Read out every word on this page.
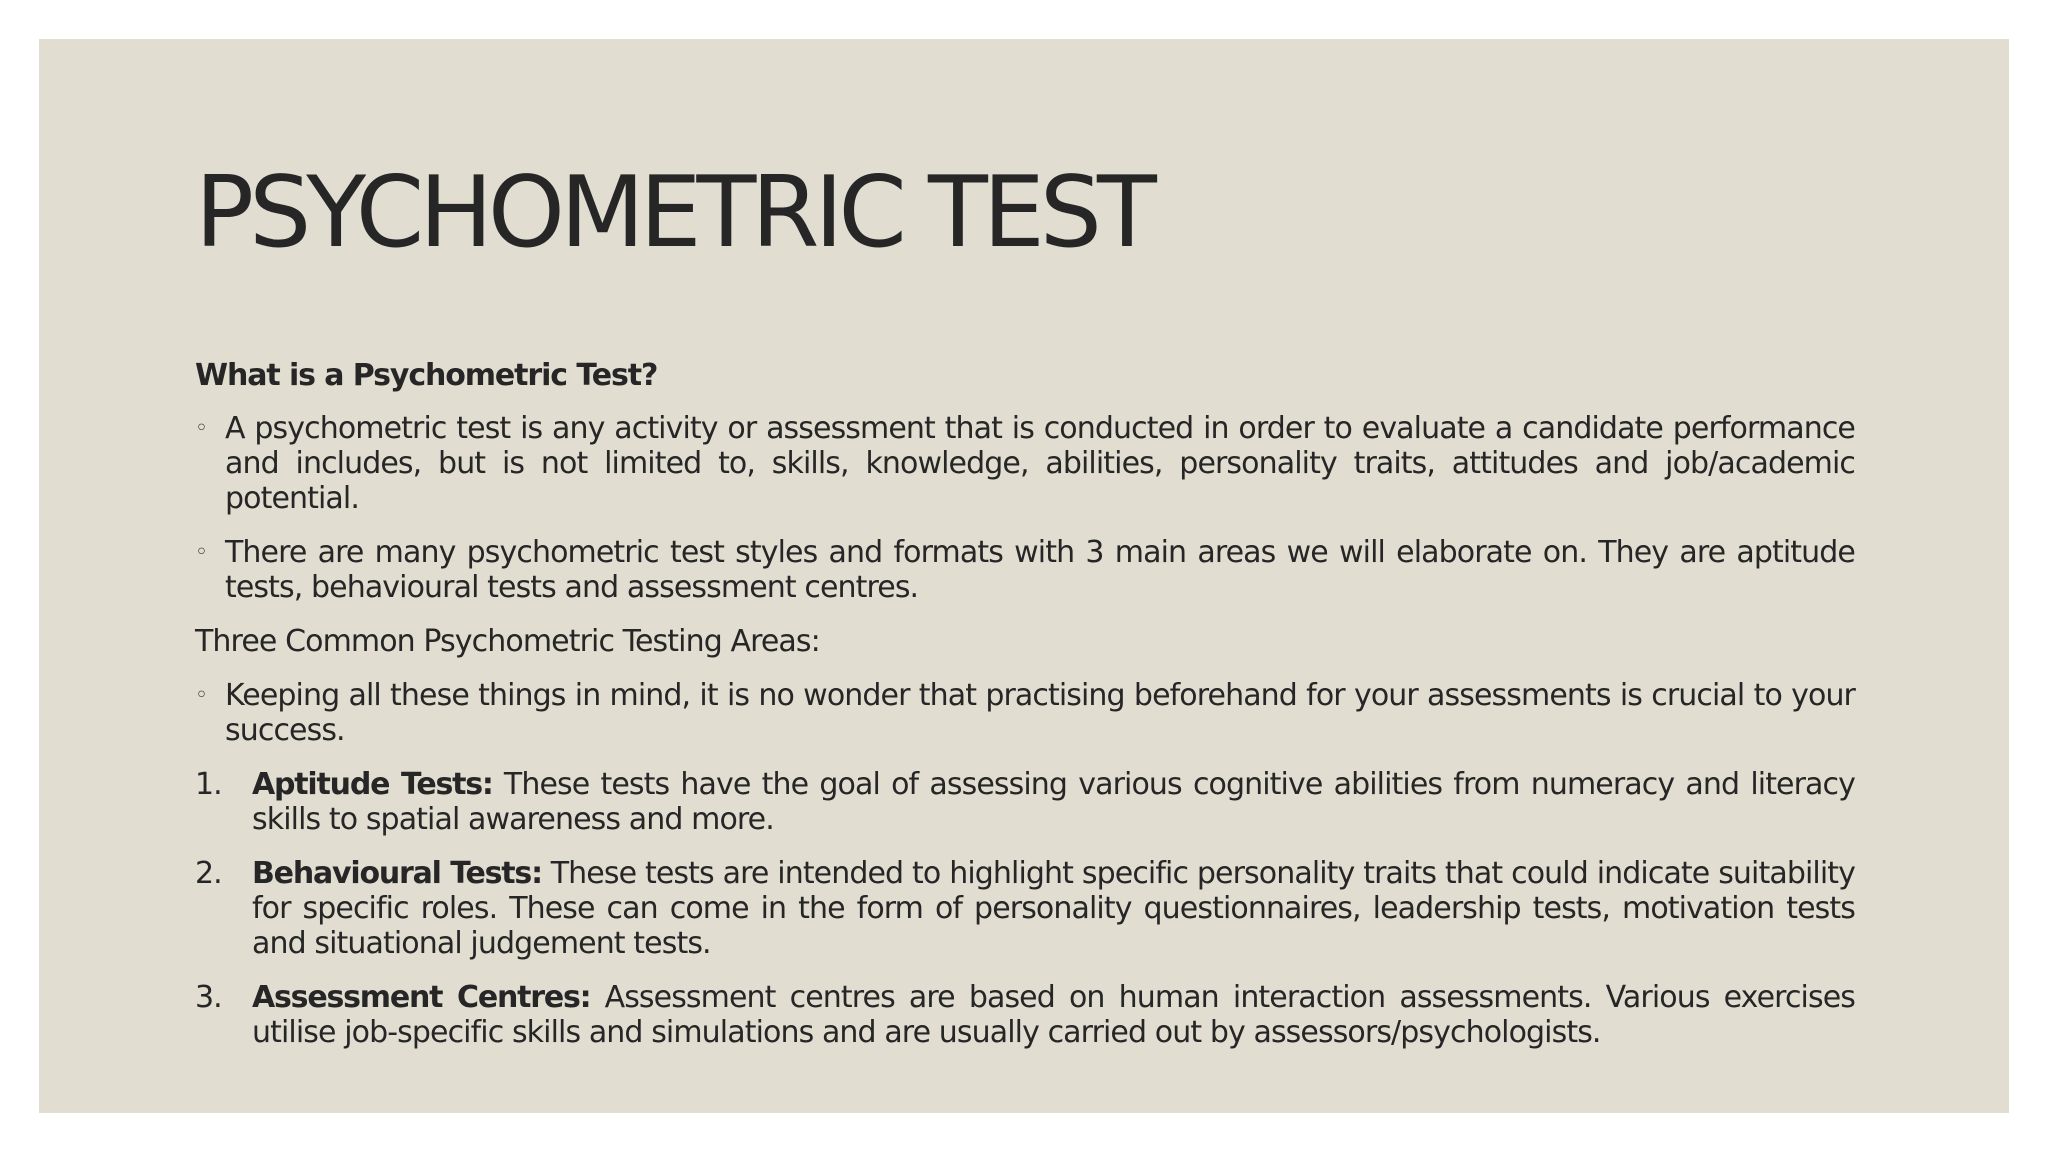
PSYCHOMETRIC TEST

What is a Psychometric Test?

◦ A psychometric test is any activity or assessment that is conducted in order to evaluate a candidate performance and includes, but is not limited to, skills, knowledge, abilities, personality traits, attitudes and job/academic potential.

◦ There are many psychometric test styles and formats with 3 main areas we will elaborate on. They are aptitude tests, behavioural tests and assessment centres.

Three Common Psychometric Testing Areas:

◦ Keeping all these things in mind, it is no wonder that practising beforehand for your assessments is crucial to your success.

1. Aptitude Tests: These tests have the goal of assessing various cognitive abilities from numeracy and literacy skills to spatial awareness and more.

2. Behavioural Tests: These tests are intended to highlight specific personality traits that could indicate suitability for specific roles. These can come in the form of personality questionnaires, leadership tests, motivation tests and situational judgement tests.

3. Assessment Centres: Assessment centres are based on human interaction assessments. Various exercises utilise job-specific skills and simulations and are usually carried out by assessors/psychologists.
